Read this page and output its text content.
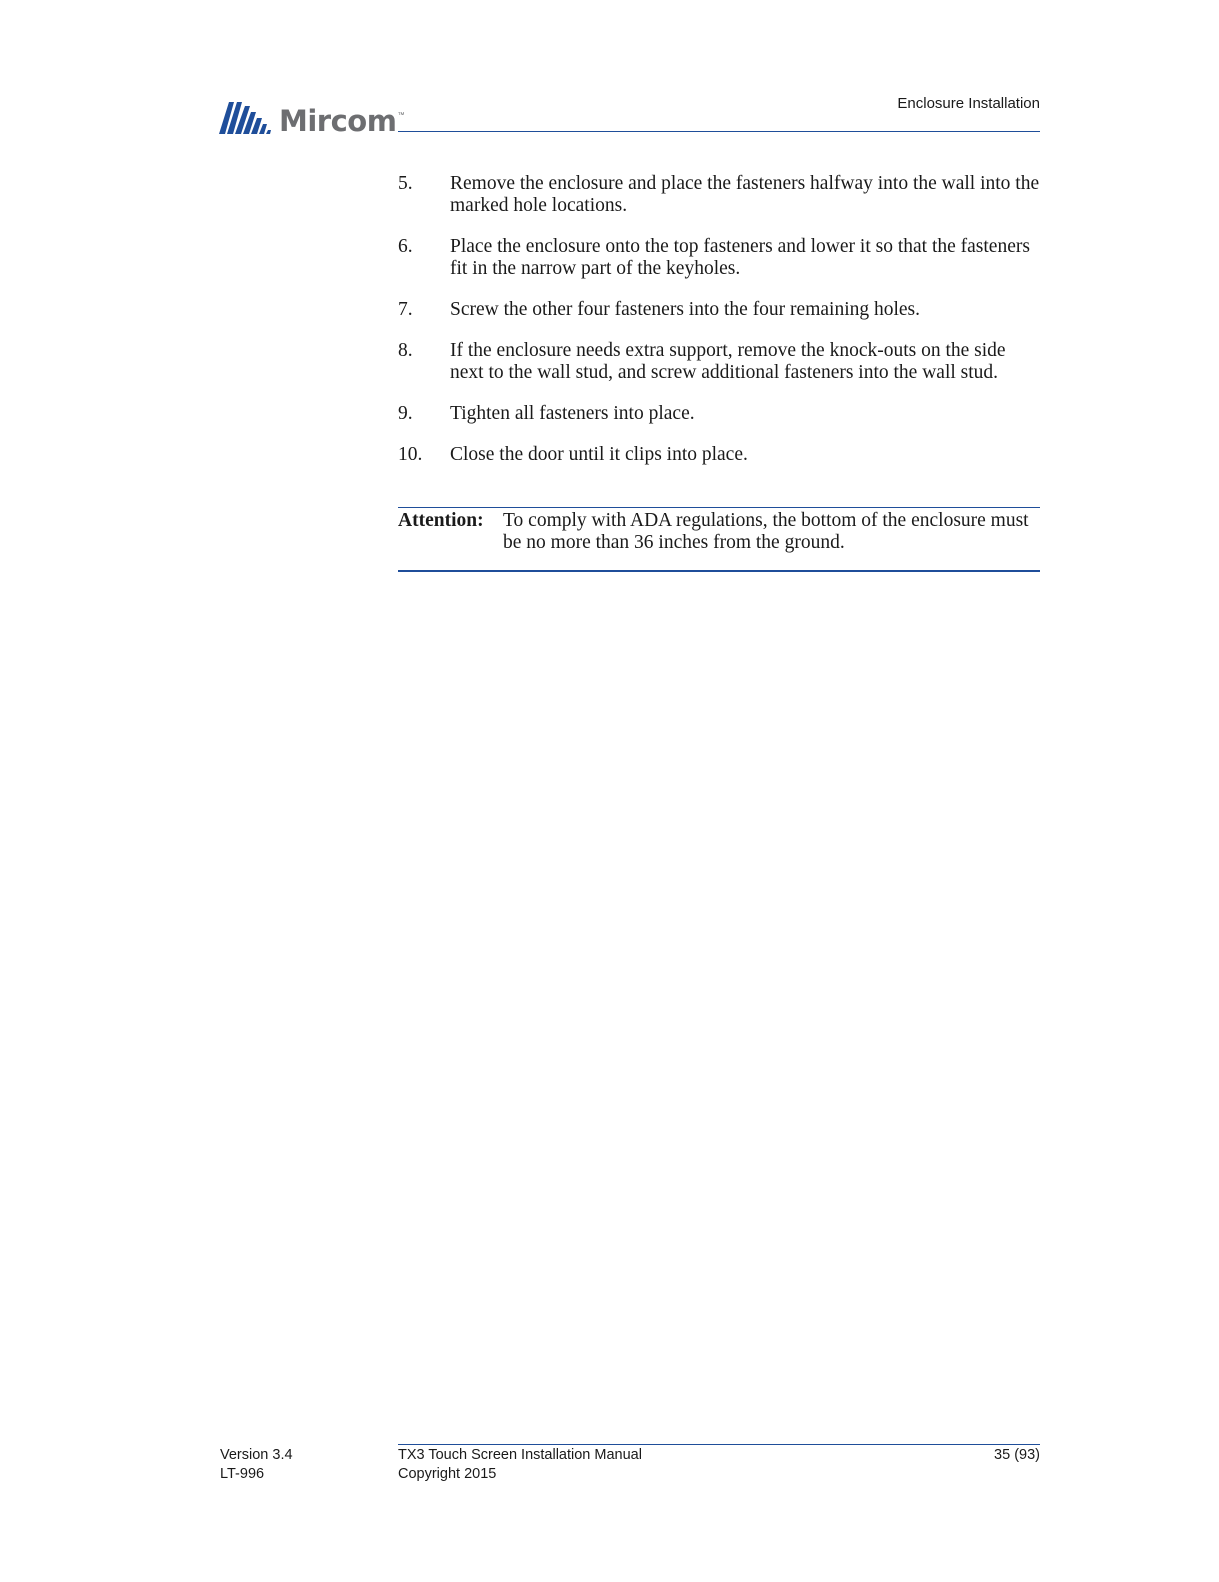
Mircom ™
Enclosure Installation
5.	Remove the enclosure and place the fasteners halfway into the wall into the marked hole locations.
6.	Place the enclosure onto the top fasteners and lower it so that the fasteners fit in the narrow part of the keyholes.
7.	Screw the other four fasteners into the four remaining holes.
8.	If the enclosure needs extra support, remove the knock-outs on the side next to the wall stud, and screw additional fasteners into the wall stud.
9.	Tighten all fasteners into place.
10.	Close the door until it clips into place.
Attention: To comply with ADA regulations, the bottom of the enclosure must be no more than 36 inches from the ground.
Version 3.4
LT-996
TX3 Touch Screen Installation Manual
Copyright 2015
35 (93)
